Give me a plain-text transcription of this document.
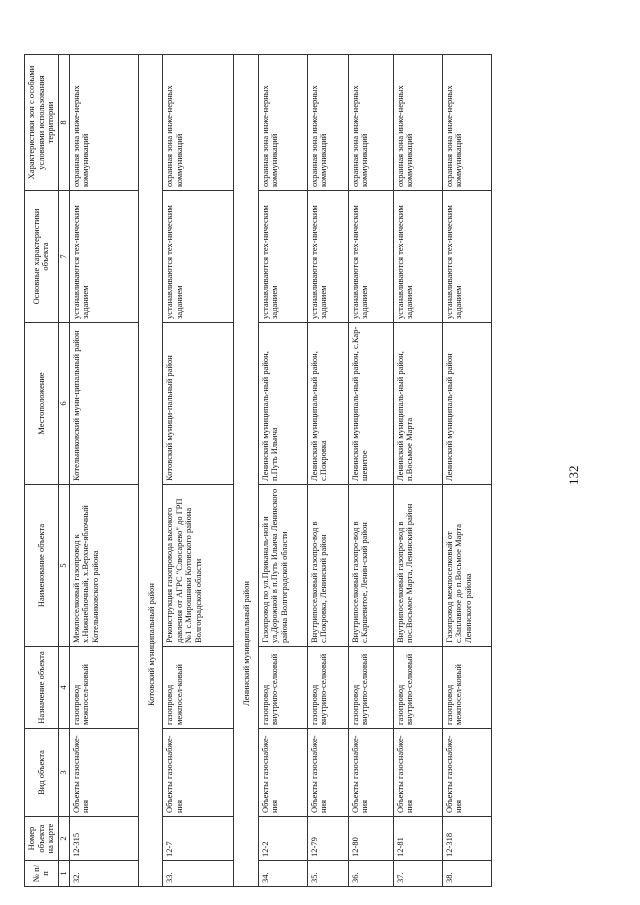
№ п/п	Номер объекта на карте	Вид объекта	Назначение объекта	Наименование объекта	Местоположение	Основные характеристики объекта	Характеристики зон с особыми условиями использования территории
1	2	3	4	5	6	7	8
32.	12-315	Объекты газоснабже-ния	газопровод межпосел-ковый	Межпоселковый газопровод к х.Нижнеблочный, х.Верхне-яблочный Котельниковского района	Котельниковский муни-ципальный район	устанавливаются тех-ническим заданием	охранная зона инже-нерных коммуникаций
Котовский муниципальный район							
33.	12-7	Объекты газоснабже-ния	газопровод межпосел-ковый	Реконструкция газопровода высокого давления от АГРС "Слюсарево" до ГРП №1 с.Мирошники Котовского района Волгоградской области	Котовский муници-пальный район	устанавливаются тех-ническим заданием	охранная зона инже-нерных коммуникаций
Ленинский муниципальный район							
34.	12-2	Объекты газоснабже-ния	газопровод внутрипо-селковый	Газопровод по ул.Приканаль-ной и ул.Дорожной в п.Путь Ильича Ленинского района Волгоградской области	Ленинский муниципаль-ный район, п.Путь Ильича	устанавливаются тех-ническим заданием	охранная зона инже-нерных коммуникаций
35.	12-79	Объекты газоснабже-ния	газопровод внутрипо-селковый	Внутрипоселковый газопро-вод в с.Покровка, Ленинский район	Ленинский муниципаль-ный район, с.Покровка	устанавливаются тех-ническим заданием	охранная зона инже-нерных коммуникаций
36.	12-80	Объекты газоснабже-ния	газопровод внутрипо-селковый	Внутрипоселковый газопро-вод в с.Каршевитое, Ленин-ский район	Ленинский муниципаль-ный район, с.Кар-шевитое	устанавливаются тех-ническим заданием	охранная зона инже-нерных коммуникаций
37.	12-81	Объекты газоснабже-ния	газопровод внутрипо-селковый	Внутрипоселковый газопро-вод в пос.Восьмое Марта, Ленинский район	Ленинский муниципаль-ный район, п.Восьмое Марта	устанавливаются тех-ническим заданием	охранная зона инже-нерных коммуникаций
38.	12-318	Объекты газоснабже-ния	газопровод межпосел-ковый	Газопровод межпоселковый от с.Заплавное до п.Восьмое Марта Ленинского района	Ленинский муниципаль-ный район	устанавливаются тех-ническим заданием	охранная зона инже-нерных коммуникаций
132
